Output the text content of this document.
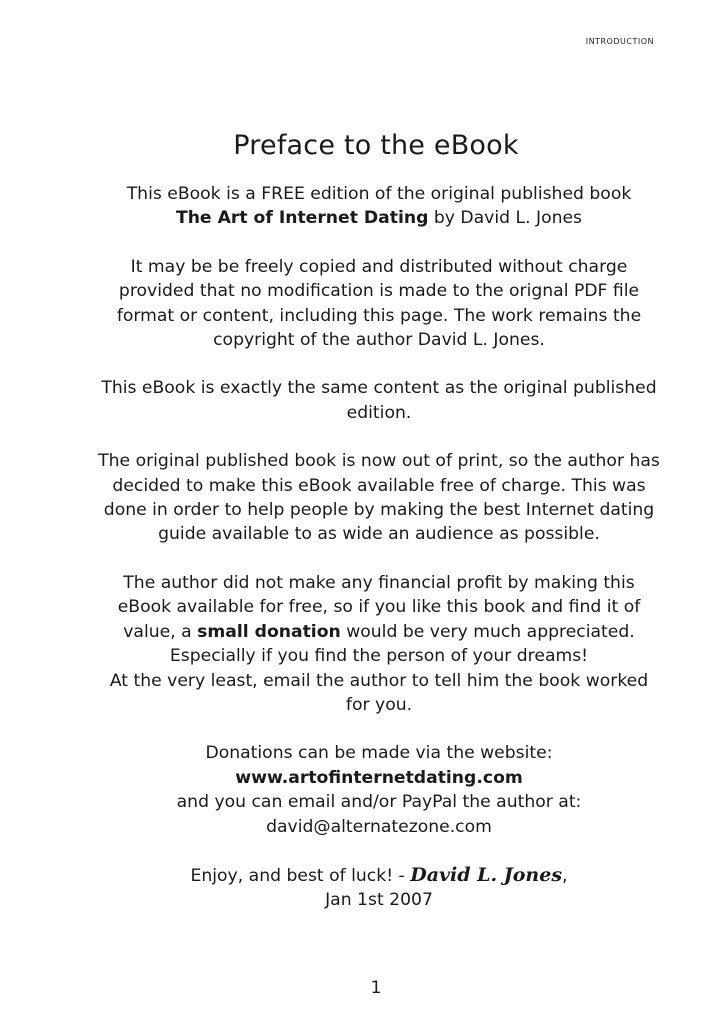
introduction
Preface to the eBook

This eBook is a FREE edition of the original published book
The Art of Internet Dating by David L. Jones

It may be be freely copied and distributed without charge provided that no modification is made to the orignal PDF file format or content, including this page. The work remains the copyright of the author David L. Jones.

This eBook is exactly the same content as the original published edition.

The original published book is now out of print, so the author has decided to make this eBook available free of charge. This was done in order to help people by making the best Internet dating guide available to as wide an audience as possible.

The author did not make any financial profit by making this eBook available for free, so if you like this book and find it of value, a small donation would be very much appreciated.
Especially if you find the person of your dreams!
At the very least, email the author to tell him the book worked for you.

Donations can be made via the website:
www.artofinternetdating.com
and you can email and/or PayPal the author at:
david@alternatezone.com

Enjoy, and best of luck! - David L. Jones,
Jan 1st 2007

1
